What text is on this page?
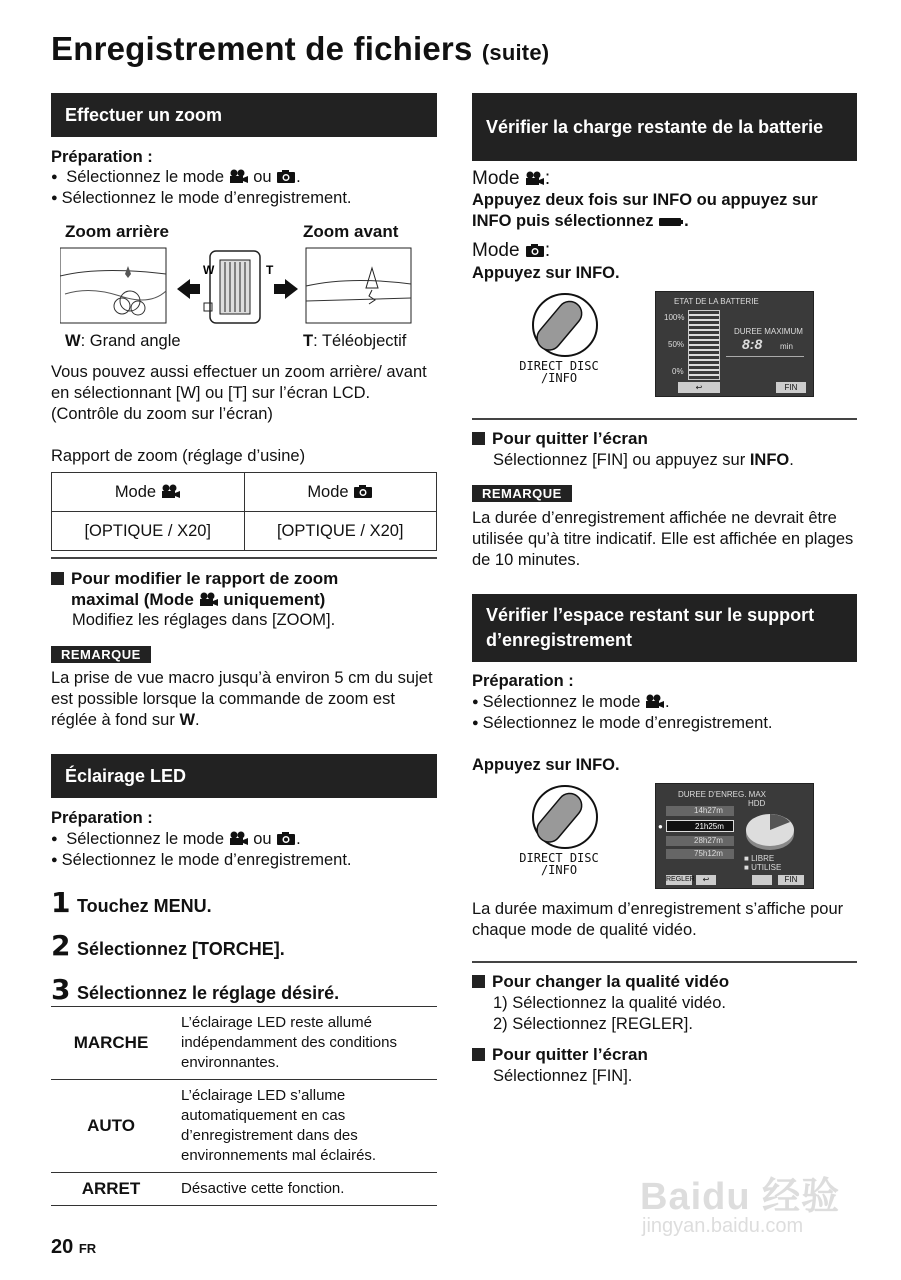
Enregistrement de fichiers (suite)
Effectuer un zoom
Préparation :
● Sélectionnez le mode ou .
● Sélectionnez le mode d’enregistrement.
Zoom arrière	Zoom avant
W	T
W: Grand angle	T: Téléobjectif
Vous pouvez aussi effectuer un zoom arrière/ avant en sélectionnant [W] ou [T] sur l’écran LCD. (Contrôle du zoom sur l’écran)
Rapport de zoom (réglage d’usine)
Mode	Mode
[OPTIQUE / X20]	[OPTIQUE / X20]
Pour modifier le rapport de zoom
maximal (Mode uniquement)
Modifiez les réglages dans [ZOOM].
REMARQUE
La prise de vue macro jusqu’à environ 5 cm du sujet est possible lorsque la commande de zoom est réglée à fond sur W.
Éclairage LED
Préparation :
● Sélectionnez le mode ou .
● Sélectionnez le mode d’enregistrement.
1 Touchez MENU.
2 Sélectionnez [TORCHE].
3 Sélectionnez le réglage désiré.
MARCHE	L’éclairage LED reste allumé indépendamment des conditions environnantes.
AUTO	L’éclairage LED s’allume automatiquement en cas d’enregistrement dans des environnements mal éclairés.
ARRET	Désactive cette fonction.
20 FR
Vérifier la charge restante de la batterie
Mode :
Appuyez deux fois sur INFO ou appuyez sur INFO puis sélectionnez .
Mode :
Appuyez sur INFO.
DIRECT DISC
/INFO
ETAT DE LA BATTERIE
100%
50%
0%
DUREE MAXIMUM
8:8 min
↩	FIN
Pour quitter l’écran
Sélectionnez [FIN] ou appuyez sur INFO.
REMARQUE
La durée d’enregistrement affichée ne devrait être utilisée qu’à titre indicatif. Elle est affichée en plages de 10 minutes.
Vérifier l’espace restant sur le support d’enregistrement
Préparation :
● Sélectionnez le mode .
● Sélectionnez le mode d’enregistrement.
Appuyez sur INFO.
DIRECT DISC
/INFO
DUREE D’ENREG. MAX
HDD
14h27m
21h25m
●
28h27m
75h12m
■ LIBRE
■ UTILISE
REGLER ↩	FIN
La durée maximum d’enregistrement s’affiche pour chaque mode de qualité vidéo.
Pour changer la qualité vidéo
1) Sélectionnez la qualité vidéo.
2) Sélectionnez [REGLER].
Pour quitter l’écran
Sélectionnez [FIN].
Baidu 经验
jingyan.baidu.com
